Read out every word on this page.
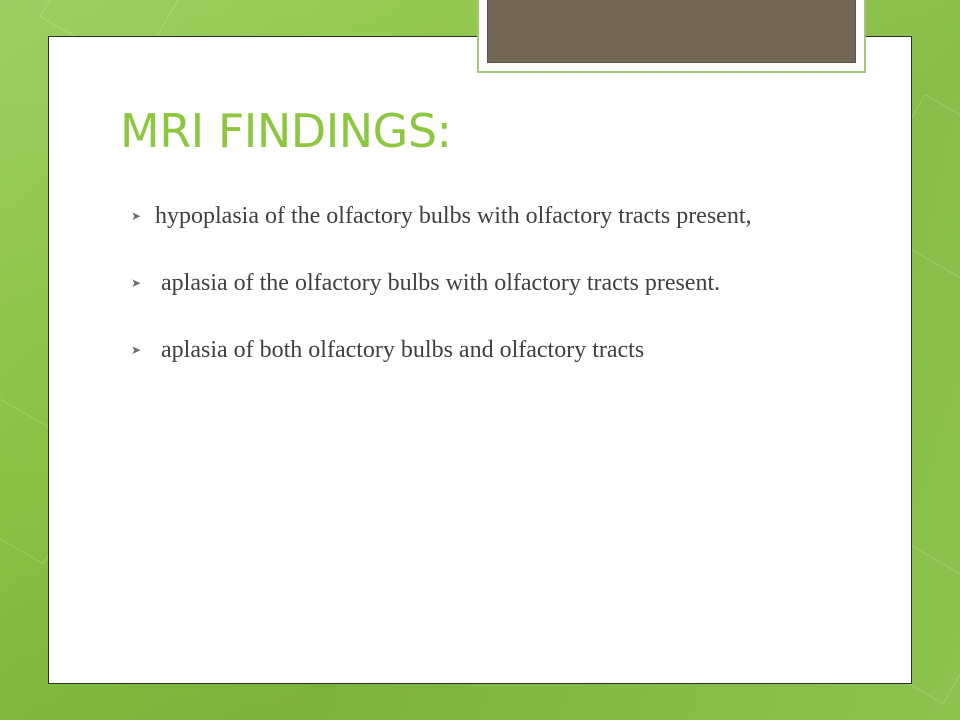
MRI FINDINGS:
➤ hypoplasia of the olfactory bulbs with olfactory tracts present,
➤ aplasia of the olfactory bulbs with olfactory tracts present.
➤ aplasia of both olfactory bulbs and olfactory tracts
